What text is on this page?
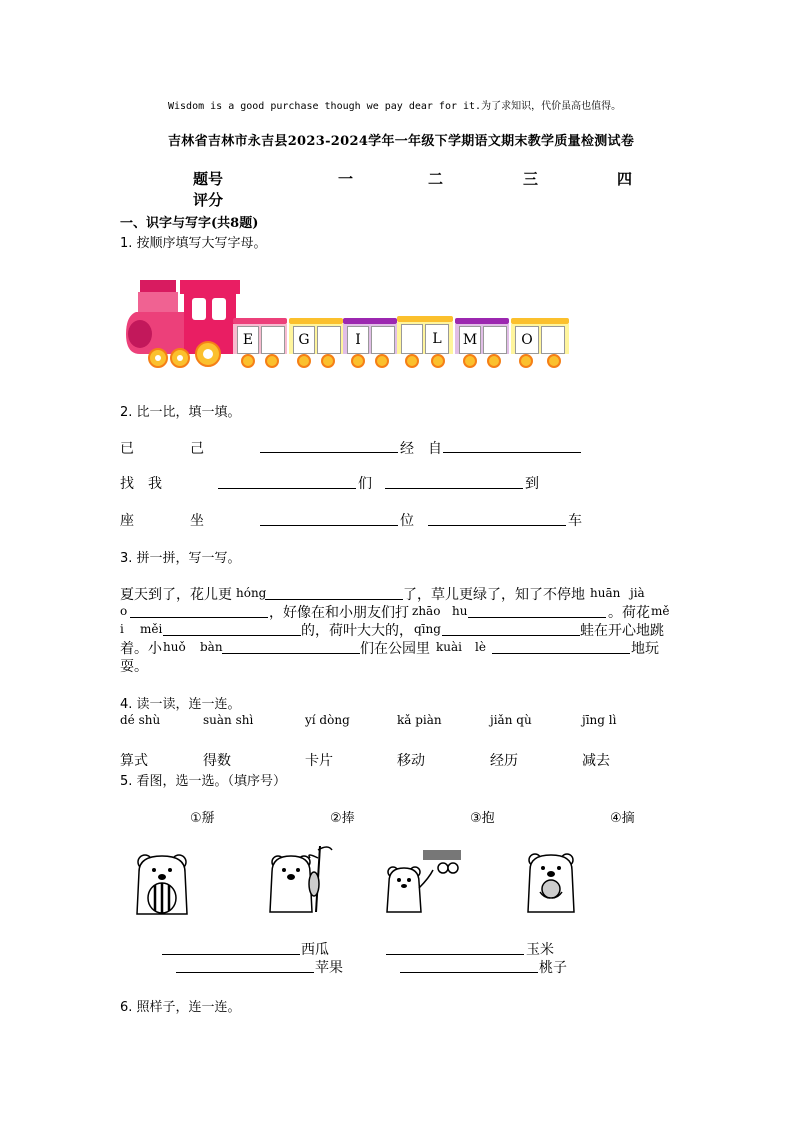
Wisdom is a good purchase though we pay dear for it.为了求知识，代价虽高也值得。
吉林省吉林市永吉县2023-2024学年一年级下学期语文期末教学质量检测试卷
题号	一	二	三	四
评分
一、识字与写字(共8题)
1. 按顺序填写大写字母。
E	G	I	L	M	O
2. 比一比，填一填。
已	己	经 自
找 我	们	到
座	坐	位	车
3. 拼一拼，写一写。
夏天到了，花儿更 hóng	了，草儿更绿了，知了不停地 huān jià
o	，好像在和小朋友们打 zhāo hu	。荷花 mě
i měi	的，荷叶大大的， qīng	蛙在开心地跳
着。小 huǒ bàn	们在公园里 kuài lè	地玩
耍。
4. 读一读，连一连。
dé shù	suàn shì	yí dòng	kǎ piàn	jiǎn qù	jīng lì
算式	得数	卡片	移动	经历	减去
5. 看图，选一选。（填序号）
①掰	②捧	③抱	④摘
西瓜	玉米
苹果	桃子
6. 照样子，连一连。
